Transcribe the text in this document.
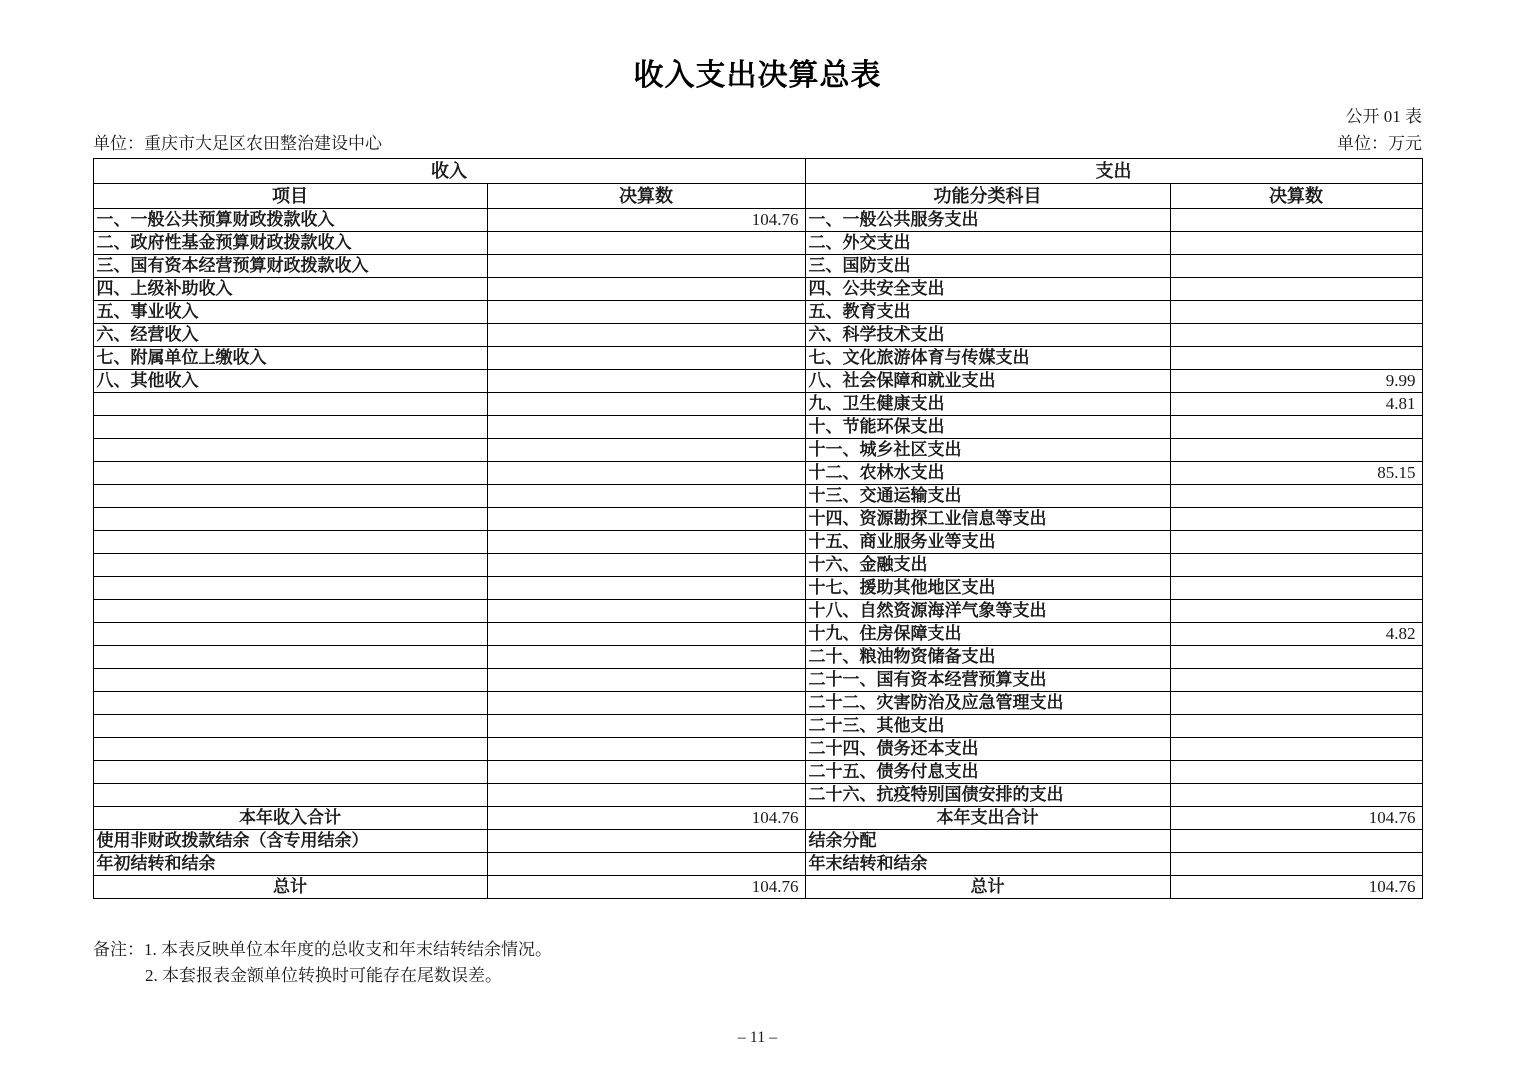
收入支出决算总表
公开 01 表
单位：重庆市大足区农田整治建设中心	单位：万元
收入		支出	
项目	决算数	功能分类科目	决算数
一、一般公共预算财政拨款收入	104.76	一、一般公共服务支出	
二、政府性基金预算财政拨款收入		二、外交支出	
三、国有资本经营预算财政拨款收入		三、国防支出	
四、上级补助收入		四、公共安全支出	
五、事业收入		五、教育支出	
六、经营收入		六、科学技术支出	
七、附属单位上缴收入		七、文化旅游体育与传媒支出	
八、其他收入		八、社会保障和就业支出	9.99
		九、卫生健康支出	4.81
		十、节能环保支出	
		十一、城乡社区支出	
		十二、农林水支出	85.15
		十三、交通运输支出	
		十四、资源勘探工业信息等支出	
		十五、商业服务业等支出	
		十六、金融支出	
		十七、援助其他地区支出	
		十八、自然资源海洋气象等支出	
		十九、住房保障支出	4.82
		二十、粮油物资储备支出	
		二十一、国有资本经营预算支出	
		二十二、灾害防治及应急管理支出	
		二十三、其他支出	
		二十四、债务还本支出	
		二十五、债务付息支出	
		二十六、抗疫特别国债安排的支出	
本年收入合计	104.76	本年支出合计	104.76
使用非财政拨款结余（含专用结余）		结余分配	
年初结转和结余		年末结转和结余	
总计	104.76	总计	104.76
备注：1. 本表反映单位本年度的总收支和年末结转结余情况。
2. 本套报表金额单位转换时可能存在尾数误差。
– 11 –
